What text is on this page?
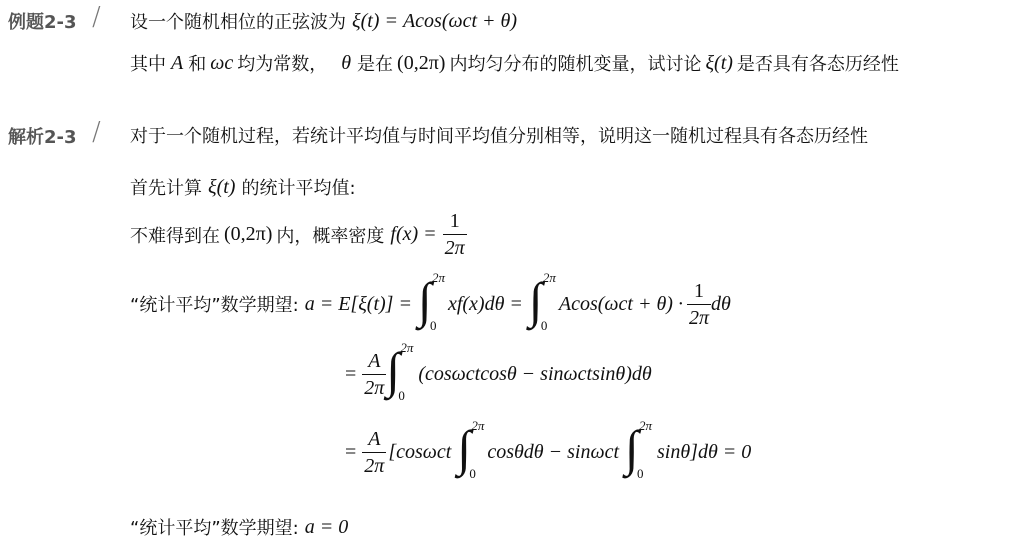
例题2-3 / 设一个随机相位的正弦波为 ξ(t) = Acos(ωct + θ)
其中 A 和 ωc 均为常数， θ 是在 (0,2π) 内均匀分布的随机变量，试讨论 ξ(t) 是否具有各态历经性
解析2-3 / 对于一个随机过程，若统计平均值与时间平均值分别相等，说明这一随机过程具有各态历经性
首先计算 ξ(t) 的统计平均值:
不难得到在 (0,2π) 内，概率密度 $f(x) = \frac{1}{2\pi}$
“统计平均”数学期望: a = E[ξ(t)] = ∫ 2π
0
xf(x)dθ = ∫ 2π
0
$Acos(\omega ct + \theta) \cdot \frac{1}{2\pi}$ dθ
= $\frac{A}{2\pi}$ ∫ 2π
0
(cosωctcosθ − sinωctsinθ)dθ
= $\frac{A}{2\pi} [\cos\omega ct$ ∫ 2π
0
cosθdθ − sinωct ∫ 2π
0
sinθ]dθ = 0
“统计平均”数学期望: a = 0
